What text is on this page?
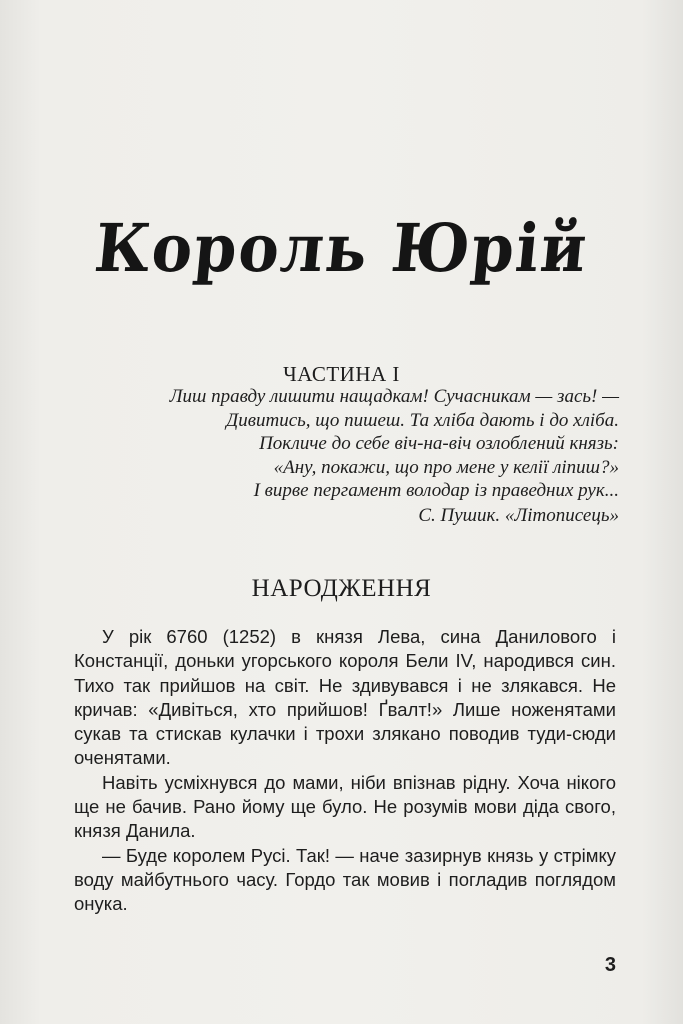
Король Юрій
ЧАСТИНА І
Лиш правду лишити нащадкам! Сучасникам — зась! —
Дивитись, що пишеш. Та хліба дають і до хліба.
Покличе до себе віч-на-віч озлоблений князь:
«Ану, покажи, що про мене у келії ліпиш?»
І вирве пергамент володар із праведних рук...
С. Пушик. «Літописець»
НАРОДЖЕННЯ

У рік 6760 (1252) в князя Лева, сина Данилового і Констанції, доньки угорського короля Бели IV, народився син. Тихо так прийшов на світ. Не здивувався і не злякався. Не кричав: «Дивіться, хто прийшов! Ґвалт!» Лише ноженятами сукав та стискав кулачки і трохи злякано поводив туди-сюди оченятами.

Навіть усміхнувся до мами, ніби впізнав рідну. Хоча нікого ще не бачив. Рано йому ще було. Не розумів мови діда свого, князя Данила.

— Буде королем Русі. Так! — наче зазирнув князь у стрімку воду майбутнього часу. Гордо так мовив і погладив поглядом онука.

3
